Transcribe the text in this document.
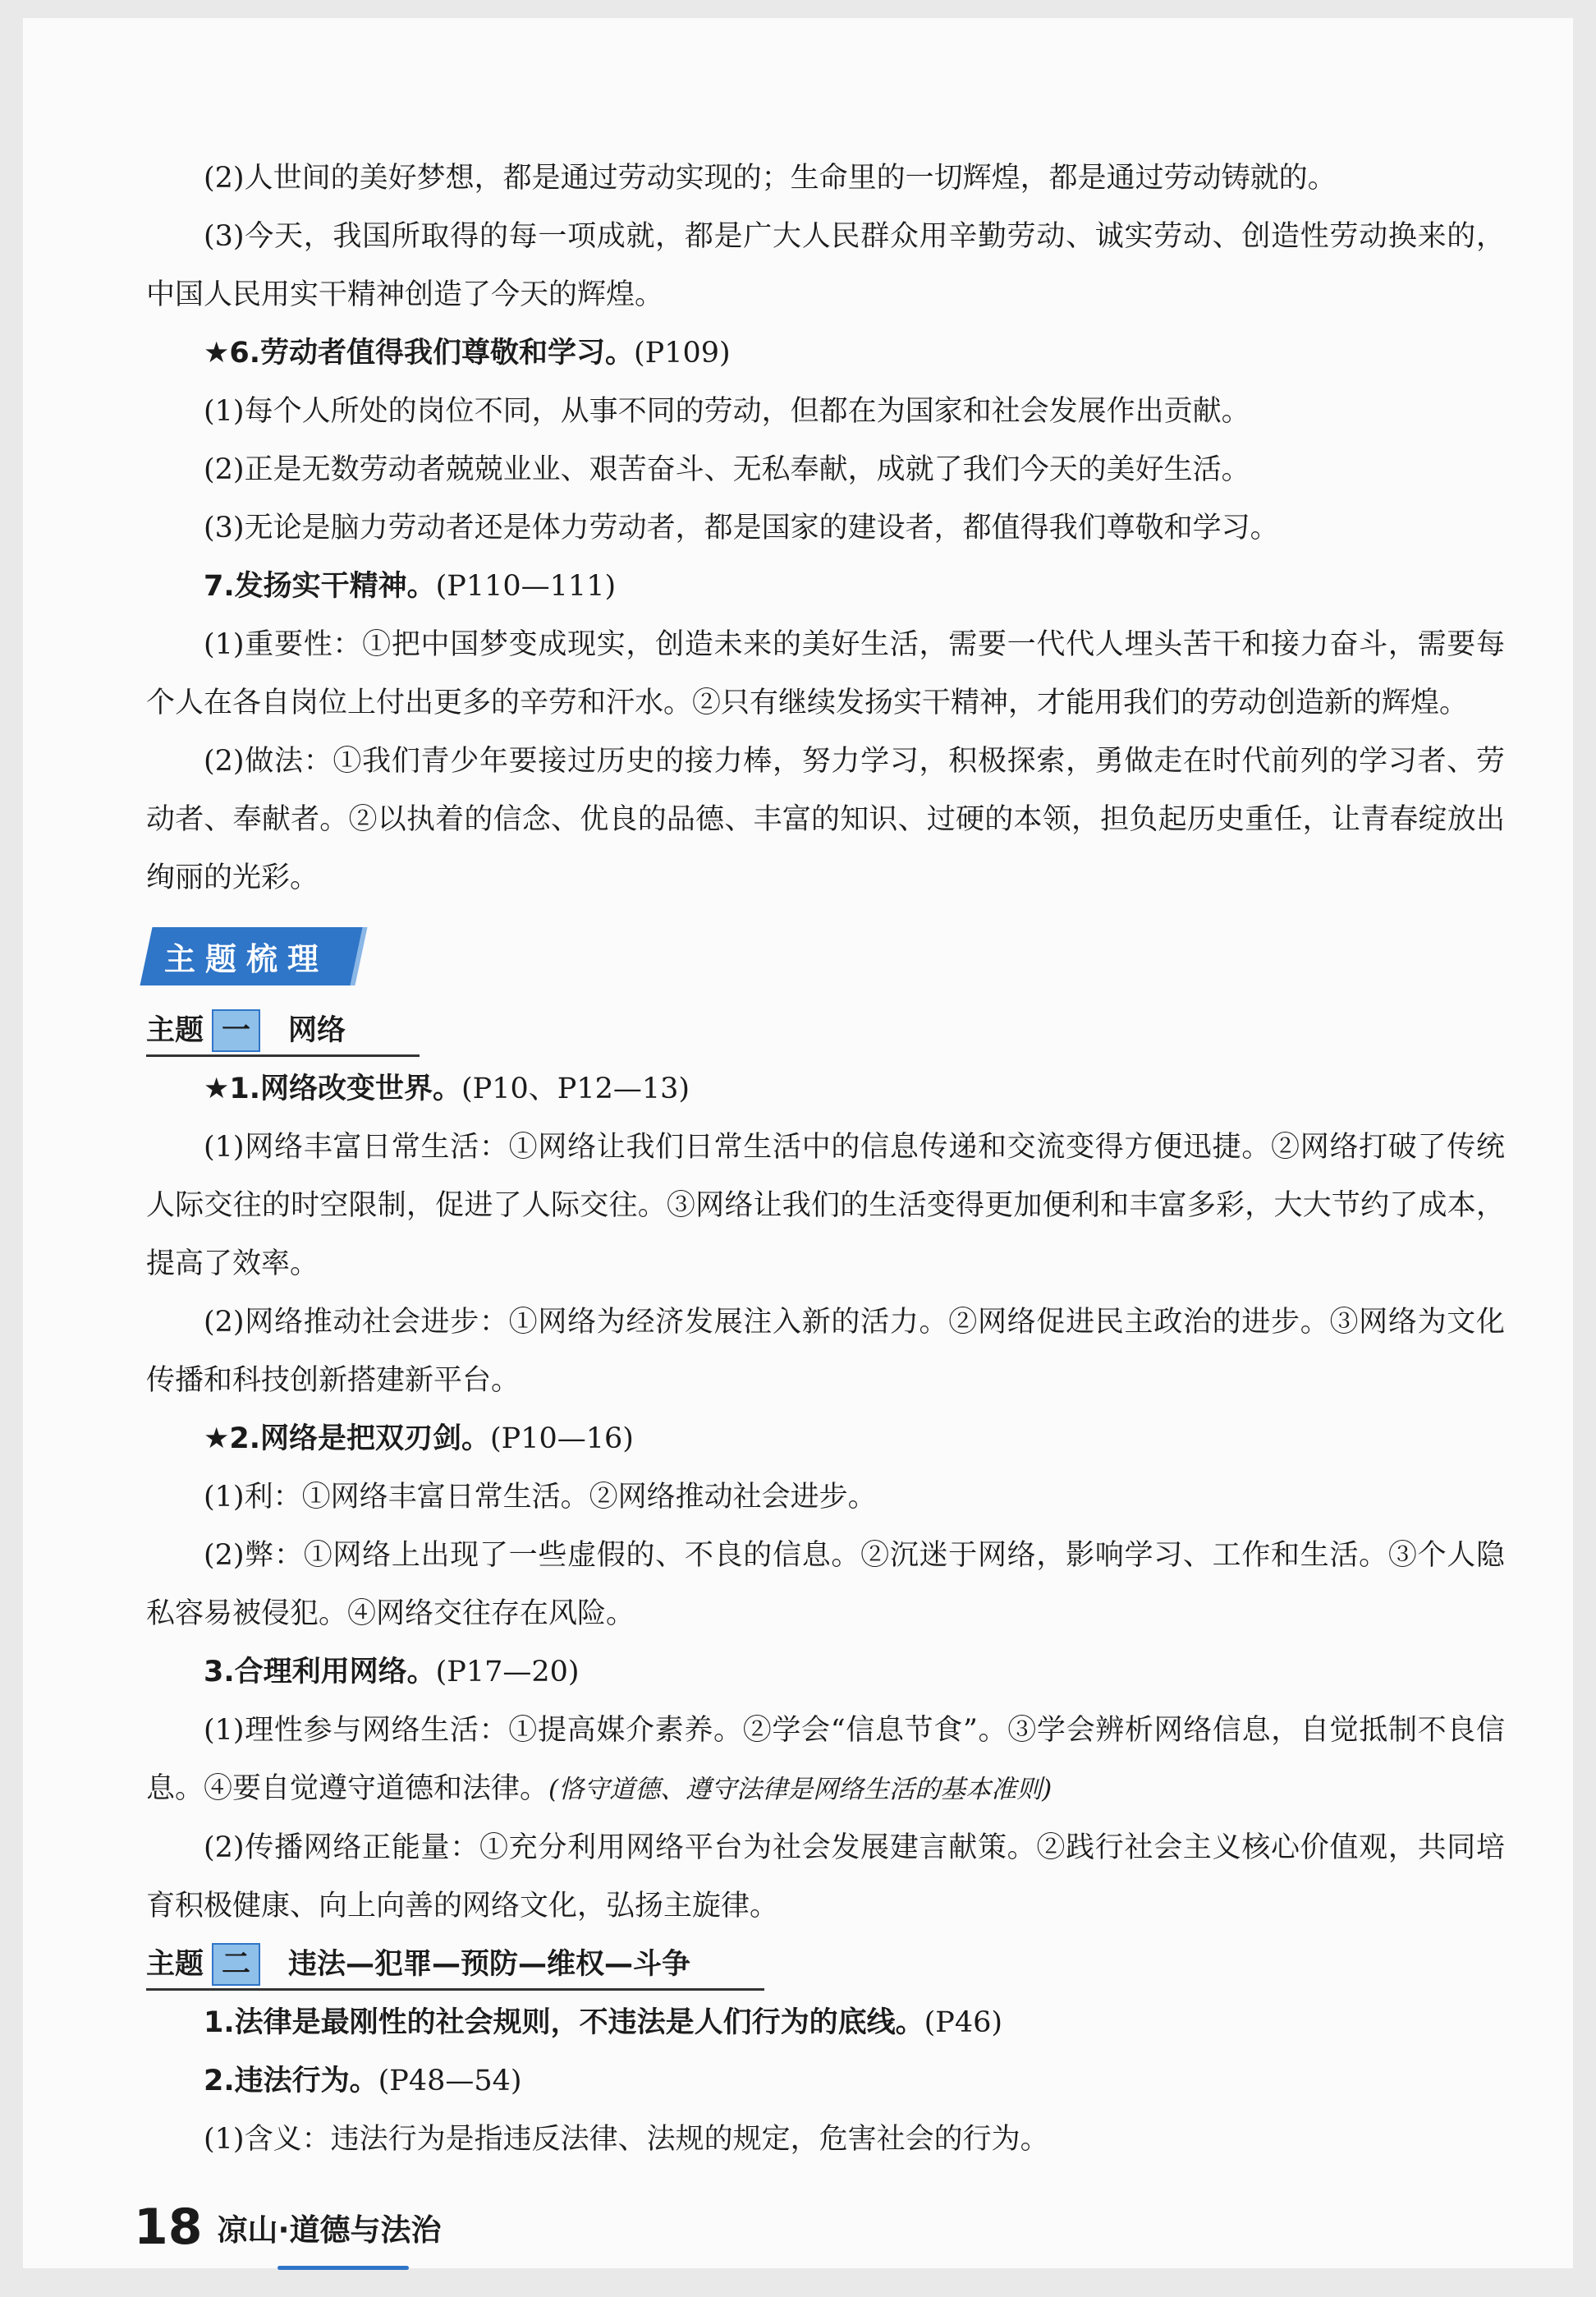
(2)人世间的美好梦想，都是通过劳动实现的；生命里的一切辉煌，都是通过劳动铸就的。

(3)今天，我国所取得的每一项成就，都是广大人民群众用辛勤劳动、诚实劳动、创造性劳动换来的，中国人民用实干精神创造了今天的辉煌。

★6.劳动者值得我们尊敬和学习。(P109)

(1)每个人所处的岗位不同，从事不同的劳动，但都在为国家和社会发展作出贡献。

(2)正是无数劳动者兢兢业业、艰苦奋斗、无私奉献，成就了我们今天的美好生活。

(3)无论是脑力劳动者还是体力劳动者，都是国家的建设者，都值得我们尊敬和学习。

7.发扬实干精神。(P110—111)

(1)重要性：①把中国梦变成现实，创造未来的美好生活，需要一代代人埋头苦干和接力奋斗，需要每个人在各自岗位上付出更多的辛劳和汗水。②只有继续发扬实干精神，才能用我们的劳动创造新的辉煌。

(2)做法：①我们青少年要接过历史的接力棒，努力学习，积极探索，勇做走在时代前列的学习者、劳动者、奉献者。②以执着的信念、优良的品德、丰富的知识、过硬的本领，担负起历史重任，让青春绽放出绚丽的光彩。

主题梳理
主题 一 网络

★1.网络改变世界。(P10、P12—13)

(1)网络丰富日常生活：①网络让我们日常生活中的信息传递和交流变得方便迅捷。②网络打破了传统人际交往的时空限制，促进了人际交往。③网络让我们的生活变得更加便利和丰富多彩，大大节约了成本，提高了效率。

(2)网络推动社会进步：①网络为经济发展注入新的活力。②网络促进民主政治的进步。③网络为文化传播和科技创新搭建新平台。

★2.网络是把双刃剑。(P10—16)

(1)利：①网络丰富日常生活。②网络推动社会进步。

(2)弊：①网络上出现了一些虚假的、不良的信息。②沉迷于网络，影响学习、工作和生活。③个人隐私容易被侵犯。④网络交往存在风险。

3.合理利用网络。(P17—20)

(1)理性参与网络生活：①提高媒介素养。②学会“信息节食”。③学会辨析网络信息，自觉抵制不良信息。④要自觉遵守道德和法律。(恪守道德、遵守法律是网络生活的基本准则)

(2)传播网络正能量：①充分利用网络平台为社会发展建言献策。②践行社会主义核心价值观，共同培育积极健康、向上向善的网络文化，弘扬主旋律。

主题 二 违法—犯罪—预防—维权—斗争

1.法律是最刚性的社会规则，不违法是人们行为的底线。(P46)

2.违法行为。(P48—54)

(1)含义：违法行为是指违反法律、法规的规定，危害社会的行为。

18 凉山·道德与法治
